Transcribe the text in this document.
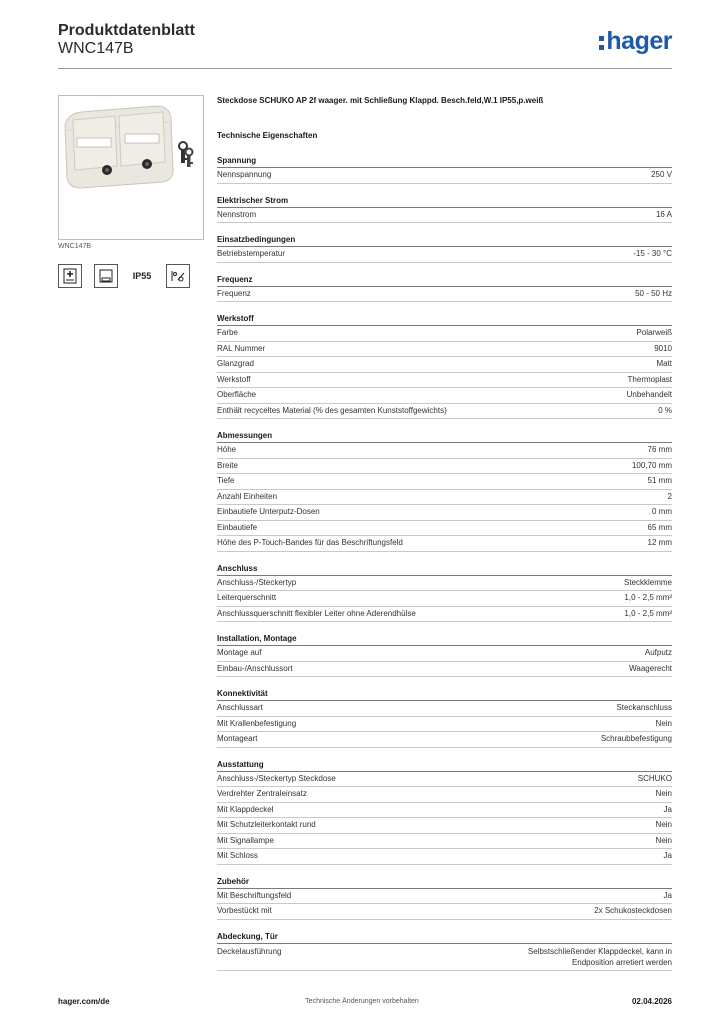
Produktdatenblatt
WNC147B	hager
WNC147B
IP55
Steckdose SCHUKO AP 2f waager. mit Schließung Klappd. Besch.feld,W.1 IP55,p.weiß
Technische Eigenschaften
Spannung
Nennspannung	250 V
Elektrischer Strom
Nennstrom	16 A
Einsatzbedingungen
Betriebstemperatur	-15 - 30 °C
Frequenz
Frequenz	50 - 50 Hz
Werkstoff
Farbe	Polarweiß
RAL Nummer	9010
Glanzgrad	Matt
Werkstoff	Thermoplast
Oberfläche	Unbehandelt
Enthält recyceltes Material (% des gesamten Kunststoffgewichts)	0 %
Abmessungen
Höhe	76 mm
Breite	100,70 mm
Tiefe	51 mm
Anzahl Einheiten	2
Einbautiefe Unterputz-Dosen	0 mm
Einbautiefe	65 mm
Höhe des P-Touch-Bandes für das Beschriftungsfeld	12 mm
Anschluss
Anschluss-/Steckertyp	Steckklemme
Leiterquerschnitt	1,0 - 2,5 mm²
Anschlussquerschnitt flexibler Leiter ohne Aderendhülse	1,0 - 2,5 mm²
Installation, Montage
Montage auf	Aufputz
Einbau-/Anschlussort	Waagerecht
Konnektivität
Anschlussart	Steckanschluss
Mit Krallenbefestigung	Nein
Montageart	Schraubbefestigung
Ausstattung
Anschluss-/Steckertyp Steckdose	SCHUKO
Verdrehter Zentraleinsatz	Nein
Mit Klappdeckel	Ja
Mit Schutzleiterkontakt rund	Nein
Mit Signallampe	Nein
Mit Schloss	Ja
Zubehör
Mit Beschriftungsfeld	Ja
Vorbestückt mit	2x Schukosteckdosen
Abdeckung, Tür
Deckelausführung	Selbstschließender Klappdeckel, kann in
Endposition arretiert werden
hager.com/de	Technische Änderungen vorbehalten	02.04.2026
